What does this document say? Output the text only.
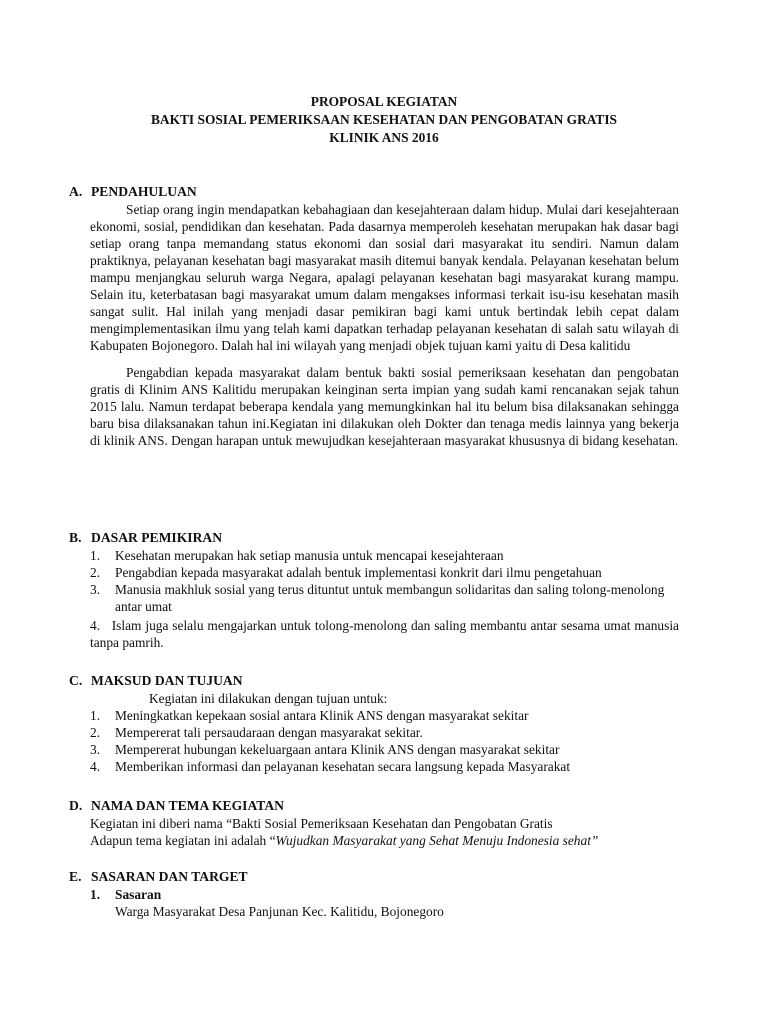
PROPOSAL KEGIATAN
BAKTI SOSIAL PEMERIKSAAN KESEHATAN DAN PENGOBATAN GRATIS
KLINIK ANS 2016

A. PENDAHULUAN

Setiap orang ingin mendapatkan kebahagiaan dan kesejahteraan dalam hidup. Mulai dari kesejahteraan ekonomi, sosial, pendidikan dan kesehatan. Pada dasarnya memperoleh kesehatan merupakan hak dasar bagi setiap orang tanpa memandang status ekonomi dan sosial dari masyarakat itu sendiri. Namun dalam praktiknya, pelayanan kesehatan bagi masyarakat masih ditemui banyak kendala. Pelayanan kesehatan belum mampu menjangkau seluruh warga Negara, apalagi pelayanan kesehatan bagi masyarakat kurang mampu. Selain itu, keterbatasan bagi masyarakat umum dalam mengakses informasi terkait isu-isu kesehatan masih sangat sulit. Hal inilah yang menjadi dasar pemikiran bagi kami untuk bertindak lebih cepat dalam mengimplementasikan ilmu yang telah kami dapatkan terhadap pelayanan kesehatan di salah satu wilayah di Kabupaten Bojonegoro. Dalah hal ini wilayah yang menjadi objek tujuan kami yaitu di Desa kalitidu

Pengabdian kepada masyarakat dalam bentuk bakti sosial pemeriksaan kesehatan dan pengobatan gratis di Klinim ANS Kalitidu merupakan keinginan serta impian yang sudah kami rencanakan sejak tahun 2015 lalu. Namun terdapat beberapa kendala yang memungkinkan hal itu belum bisa dilaksanakan sehingga baru bisa dilaksanakan tahun ini.Kegiatan ini dilakukan oleh Dokter dan tenaga medis lainnya yang bekerja di klinik ANS. Dengan harapan untuk mewujudkan kesejahteraan masyarakat khususnya di bidang kesehatan.

B. DASAR PEMIKIRAN

1. Kesehatan merupakan hak setiap manusia untuk mencapai kesejahteraan
2. Pengabdian kepada masyarakat adalah bentuk implementasi konkrit dari ilmu pengetahuan
3. Manusia makhluk sosial yang terus dituntut untuk membangun solidaritas dan saling tolong-menolong antar umat

4. Islam juga selalu mengajarkan untuk tolong-menolong dan saling membantu antar sesama umat manusia tanpa pamrih.

C. MAKSUD DAN TUJUAN

Kegiatan ini dilakukan dengan tujuan untuk:

1. Meningkatkan kepekaan sosial antara Klinik ANS dengan masyarakat sekitar
2. Mempererat tali persaudaraan dengan masyarakat sekitar.
3. Mempererat hubungan kekeluargaan antara Klinik ANS dengan masyarakat sekitar
4. Memberikan informasi dan pelayanan kesehatan secara langsung kepada Masyarakat

D. NAMA DAN TEMA KEGIATAN

Kegiatan ini diberi nama “Bakti Sosial Pemeriksaan Kesehatan dan Pengobatan Gratis

Adapun tema kegiatan ini adalah “Wujudkan Masyarakat yang Sehat Menuju Indonesia sehat”

E. SASARAN DAN TARGET

1. Sasaran

Warga Masyarakat Desa Panjunan Kec. Kalitidu, Bojonegoro
